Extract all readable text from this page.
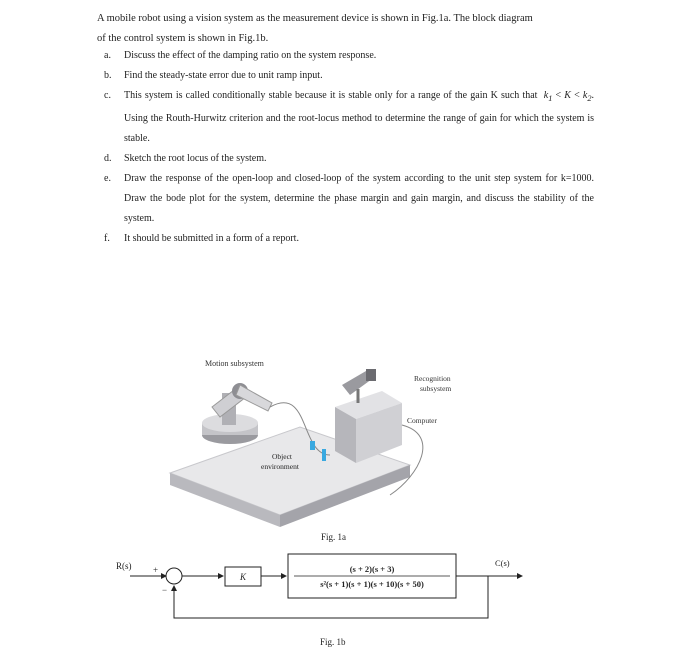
A mobile robot using a vision system as the measurement device is shown in Fig.1a. The block diagram
of the control system is shown in Fig.1b.
a. Discuss the effect of the damping ratio on the system response.
b. Find the steady-state error due to unit ramp input.
c. This system is called conditionally stable because it is stable only for a range of the gain K such that $k_1 < K < k_2$. Using the Routh-Hurwitz criterion and the root-locus method to determine the range of gain for which the system is stable.
d. Sketch the root locus of the system.
e. Draw the response of the open-loop and closed-loop of the system according to the unit step system for k=1000. Draw the bode plot for the system, determine the phase margin and gain margin, and discuss the stability of the system.
f. It should be submitted in a form of a report.
Motion subsystem
Recognition
subsystem
Computer
Object
environment
Fig. 1a
R(s) +
−
K
(s + 2)(s + 3)
s²(s + 1)(s + 1)(s + 10)(s + 50)
C(s)
Fig. 1b
